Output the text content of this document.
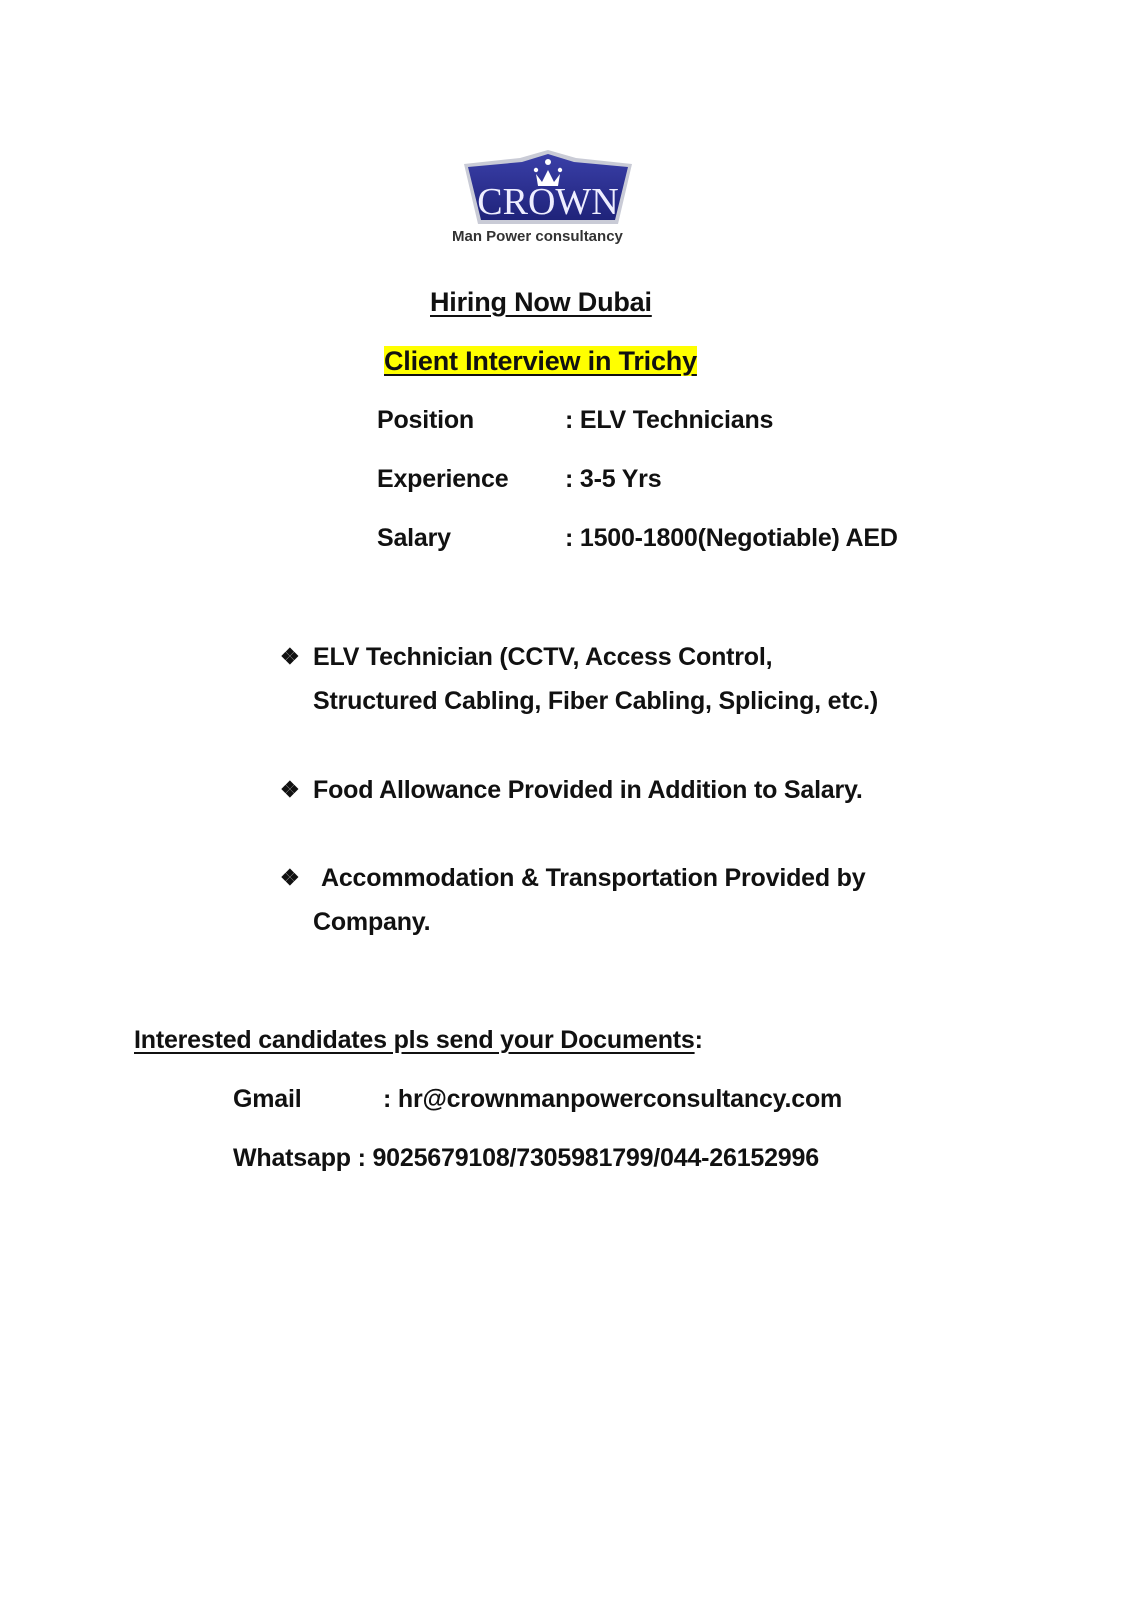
CROWN
Man Power consultancy
Hiring Now Dubai
Client Interview in Trichy
Position	: ELV Technicians
Experience : 3-5 Yrs
Salary	: 1500-1800(Negotiable) AED
❖ ELV Technician (CCTV, Access Control,
Structured Cabling, Fiber Cabling, Splicing, etc.)
❖ Food Allowance Provided in Addition to Salary.
❖ Accommodation & Transportation Provided by
Company.
Interested candidates pls send your Documents:
Gmail	: hr@crownmanpowerconsultancy.com
Whatsapp : 9025679108/7305981799/044-26152996
